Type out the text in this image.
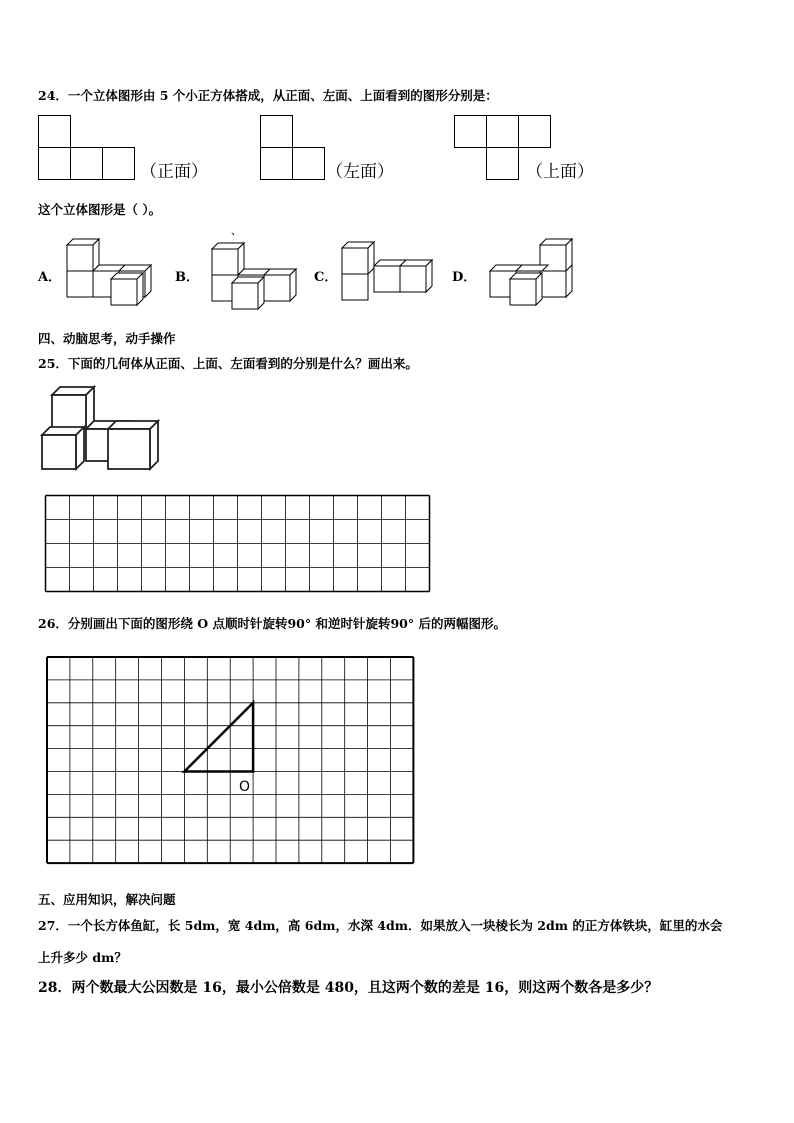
24．一个立体图形由 5 个小正方体搭成，从正面、左面、上面看到的图形分别是：
（正面）	（左面）	（上面）
这个立体图形是（ ）。
、
A．	B．	C．	D．
四、动脑思考，动手操作
25．下面的几何体从正面、上面、左面看到的分别是什么？画出来。
26．分别画出下面的图形绕 O 点顺时针旋转90° 和逆时针旋转90° 后的两幅图形。
O
五、应用知识，解决问题
27．一个长方体鱼缸，长 5dm，宽 4dm，高 6dm，水深 4dm．如果放入一块棱长为 2dm 的正方体铁块，缸里的水会
上升多少 dm？
28．两个数最大公因数是 16，最小公倍数是 480，且这两个数的差是 16，则这两个数各是多少？
